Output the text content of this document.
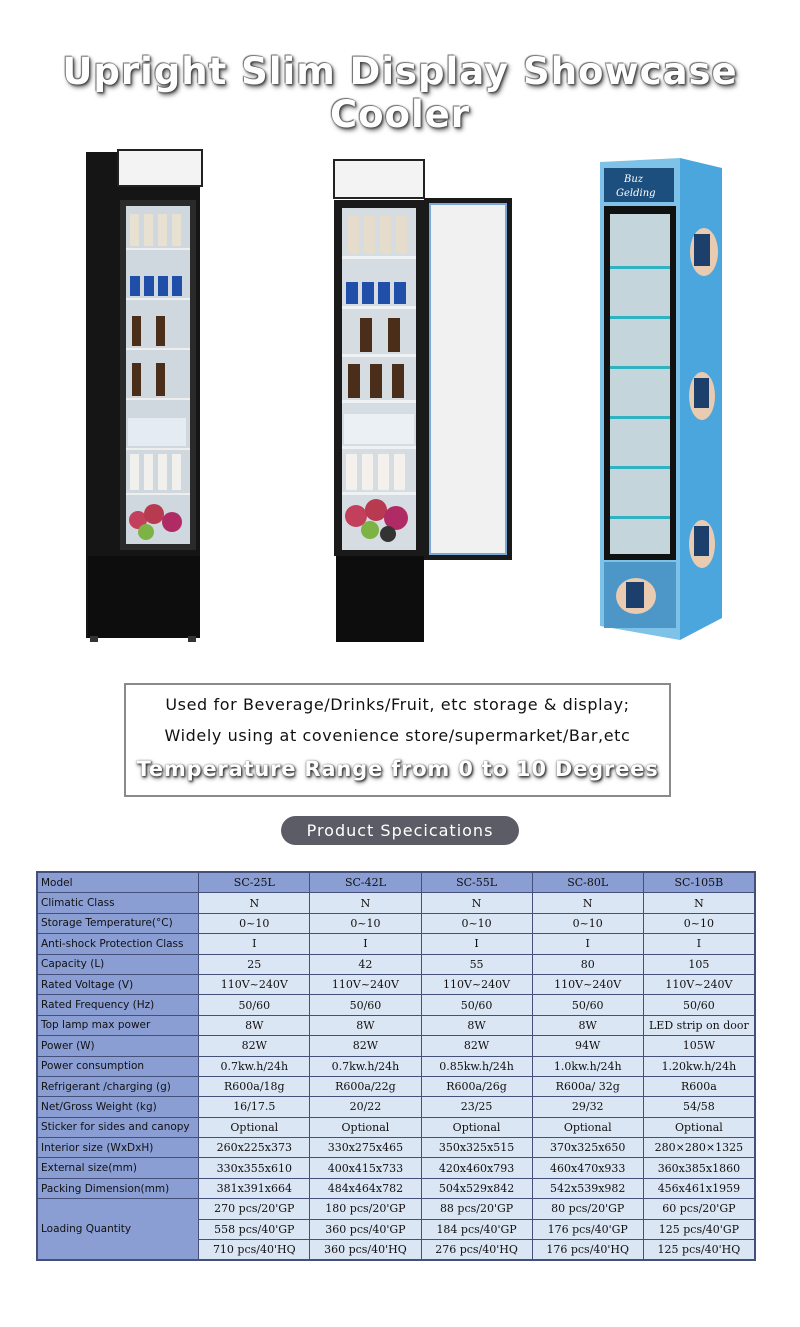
Upright Slim Display Showcase Cooler
Buz
Gelding
Used for Beverage/Drinks/Fruit, etc storage & display;
Widely using at covenience store/supermarket/Bar,etc
Temperature Range from 0 to 10 Degrees
Product Specications
Model	SC-25L	SC-42L	SC-55L	SC-80L	SC-105B
Climatic Class	N	N	N	N	N
Storage Temperature(°C)	0~10	0~10	0~10	0~10	0~10
Anti-shock Protection Class	I	I	I	I	I
Capacity (L)	25	42	55	80	105
Rated Voltage (V)	110V~240V	110V~240V	110V~240V	110V~240V	110V~240V
Rated Frequency (Hz)	50/60	50/60	50/60	50/60	50/60
Top lamp max power	8W	8W	8W	8W	LED strip on door
Power (W)	82W	82W	82W	94W	105W
Power consumption	0.7kw.h/24h	0.7kw.h/24h	0.85kw.h/24h	1.0kw.h/24h	1.20kw.h/24h
Refrigerant /charging (g)	R600a/18g	R600a/22g	R600a/26g	R600a/ 32g	R600a
Net/Gross Weight (kg)	16/17.5	20/22	23/25	29/32	54/58
Sticker for sides and canopy	Optional	Optional	Optional	Optional	Optional
Interior size (WxDxH)	260x225x373	330x275x465	350x325x515	370x325x650	280×280×1325
External size(mm)	330x355x610	400x415x733	420x460x793	460x470x933	360x385x1860
Packing Dimension(mm)	381x391x664	484x464x782	504x529x842	542x539x982	456x461x1959
Loading Quantity	270 pcs/20'GP	180 pcs/20'GP	88 pcs/20'GP	80 pcs/20'GP	60 pcs/20'GP
	558 pcs/40'GP	360 pcs/40'GP	184 pcs/40'GP	176 pcs/40'GP	125 pcs/40'GP
	710 pcs/40'HQ	360 pcs/40'HQ	276 pcs/40'HQ	176 pcs/40'HQ	125 pcs/40'HQ
